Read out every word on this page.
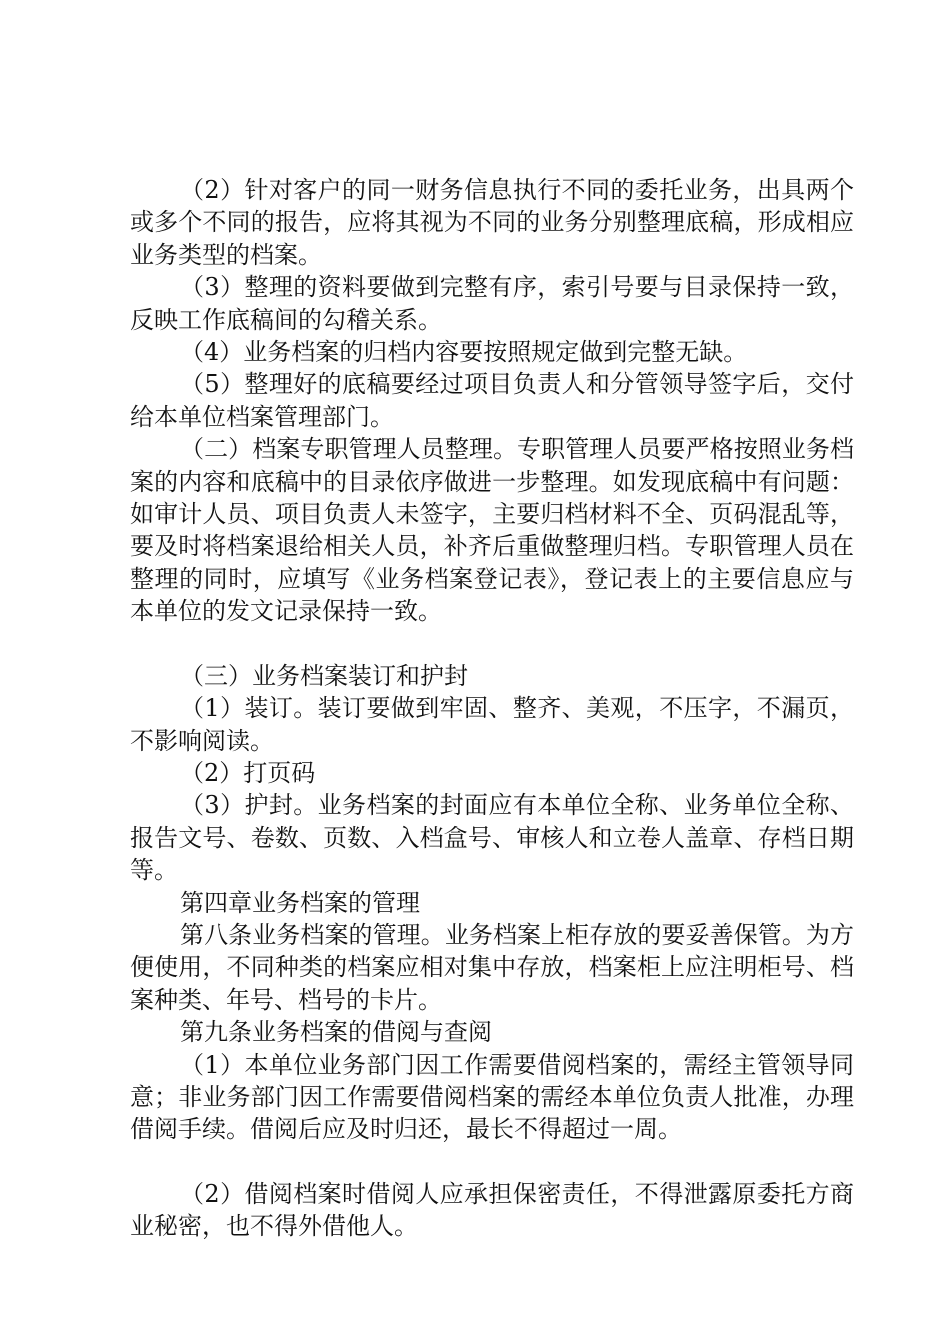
（2）针对客户的同一财务信息执行不同的委托业务，出具两个或多个不同的报告，应将其视为不同的业务分别整理底稿，形成相应业务类型的档案。

（3）整理的资料要做到完整有序，索引号要与目录保持一致，反映工作底稿间的勾稽关系。

（4）业务档案的归档内容要按照规定做到完整无缺。

（5）整理好的底稿要经过项目负责人和分管领导签字后，交付给本单位档案管理部门。

（二）档案专职管理人员整理。专职管理人员要严格按照业务档案的内容和底稿中的目录依序做进一步整理。如发现底稿中有问题：如审计人员、项目负责人未签字，主要归档材料不全、页码混乱等，要及时将档案退给相关人员，补齐后重做整理归档。专职管理人员在整理的同时，应填写《业务档案登记表》，登记表上的主要信息应与本单位的发文记录保持一致。

（三）业务档案装订和护封

（1）装订。装订要做到牢固、整齐、美观，不压字，不漏页，不影响阅读。

（2）打页码

（3）护封。业务档案的封面应有本单位全称、业务单位全称、报告文号、卷数、页数、入档盒号、审核人和立卷人盖章、存档日期等。

第四章业务档案的管理

第八条业务档案的管理。业务档案上柜存放的要妥善保管。为方便使用，不同种类的档案应相对集中存放，档案柜上应注明柜号、档案种类、年号、档号的卡片。

第九条业务档案的借阅与查阅

（1）本单位业务部门因工作需要借阅档案的，需经主管领导同意；非业务部门因工作需要借阅档案的需经本单位负责人批准，办理借阅手续。借阅后应及时归还，最长不得超过一周。

（2）借阅档案时借阅人应承担保密责任，不得泄露原委托方商业秘密，也不得外借他人。
